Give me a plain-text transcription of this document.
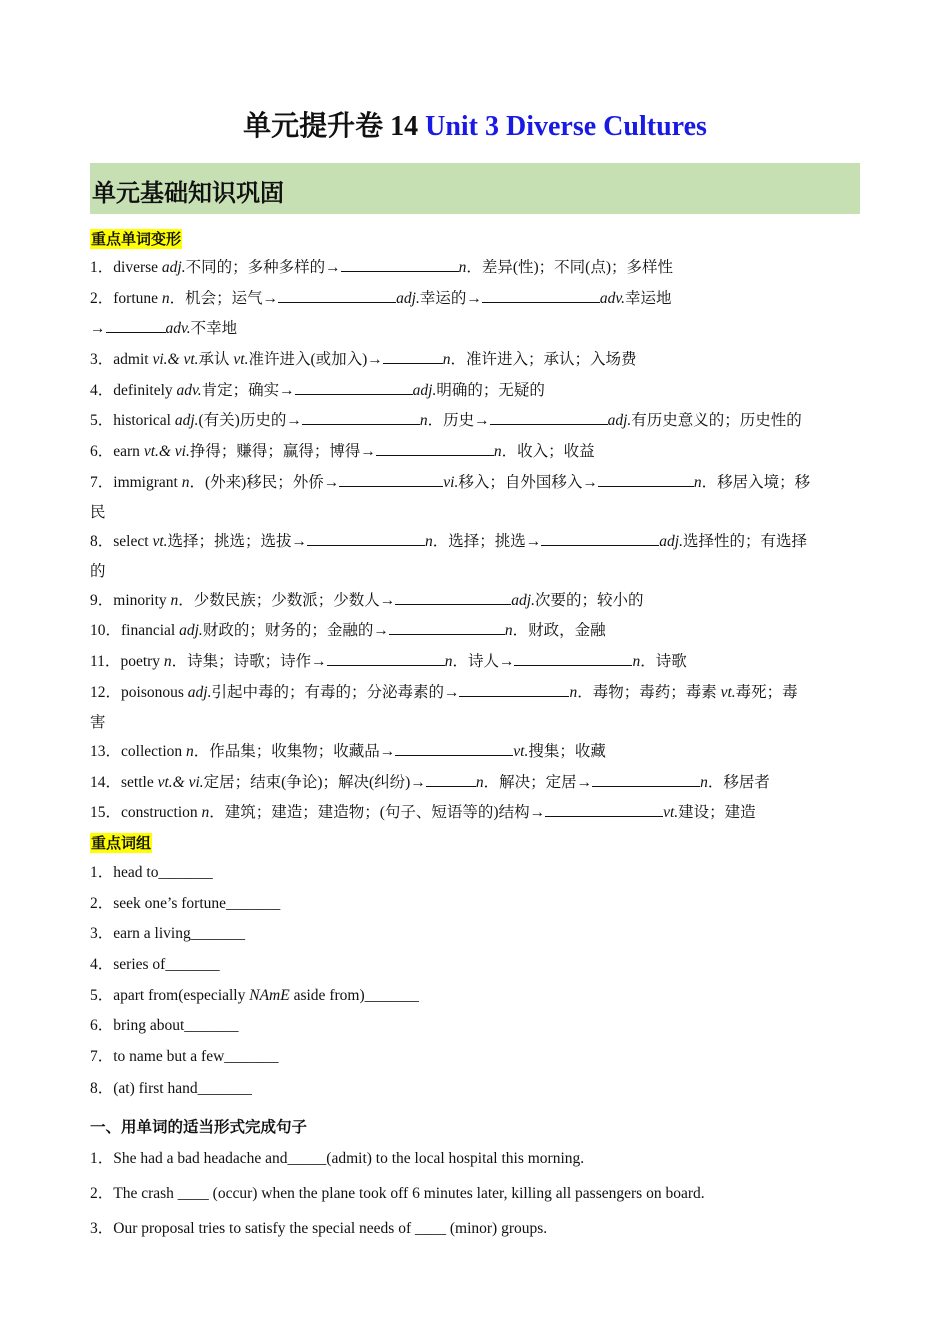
单元提升卷 14 Unit 3 Diverse Cultures
单元基础知识巩固
重点单词变形
1．diverse adj.不同的；多种多样的→	n．差异(性)；不同(点)；多样性
2．fortune n．机会；运气→	adj.幸运的→	adv.幸运地
→	adv.不幸地
3．admit vi.& vt.承认 vt.准许进入(或加入)→	n．准许进入；承认；入场费
4．definitely adv.肯定；确实→	adj.明确的；无疑的
5．historical adj.(有关)历史的→	n．历史→	adj.有历史意义的；历史性的
6．earn vt.& vi.挣得；赚得；赢得；博得→	n．收入；收益
7．immigrant n．(外来)移民；外侨→	vi.移入；自外国移入→	n．移居入境；移
民
8．select vt.选择；挑选；选拔→	n．选择；挑选→	adj.选择性的；有选择
的
9．minority n．少数民族；少数派；少数人→	adj.次要的；较小的
10．financial adj.财政的；财务的；金融的→	n．财政，金融
11．poetry n．诗集；诗歌；诗作→	n．诗人→	n．诗歌
12．poisonous adj.引起中毒的；有毒的；分泌毒素的→	n．毒物；毒药；毒素 vt.毒死；毒
害
13．collection n．作品集；收集物；收藏品→	vt.搜集；收藏
14．settle vt.& vi.定居；结束(争论)；解决(纠纷)→	n．解决；定居→	n．移居者
15．construction n．建筑；建造；建造物；(句子、短语等的)结构→	vt.建设；建造
重点词组
1．head to_______
2．seek one’s fortune_______
3．earn a living_______
4．series of_______
5．apart from(especially NAmE aside from)_______
6．bring about_______
7．to name but a few_______
8．(at) first hand_______
一、用单词的适当形式完成句子
1．She had a bad headache and_____(admit) to the local hospital this morning.
2．The crash ____ (occur) when the plane took off 6 minutes later, killing all passengers on board.
3．Our proposal tries to satisfy the special needs of ____ (minor) groups.
